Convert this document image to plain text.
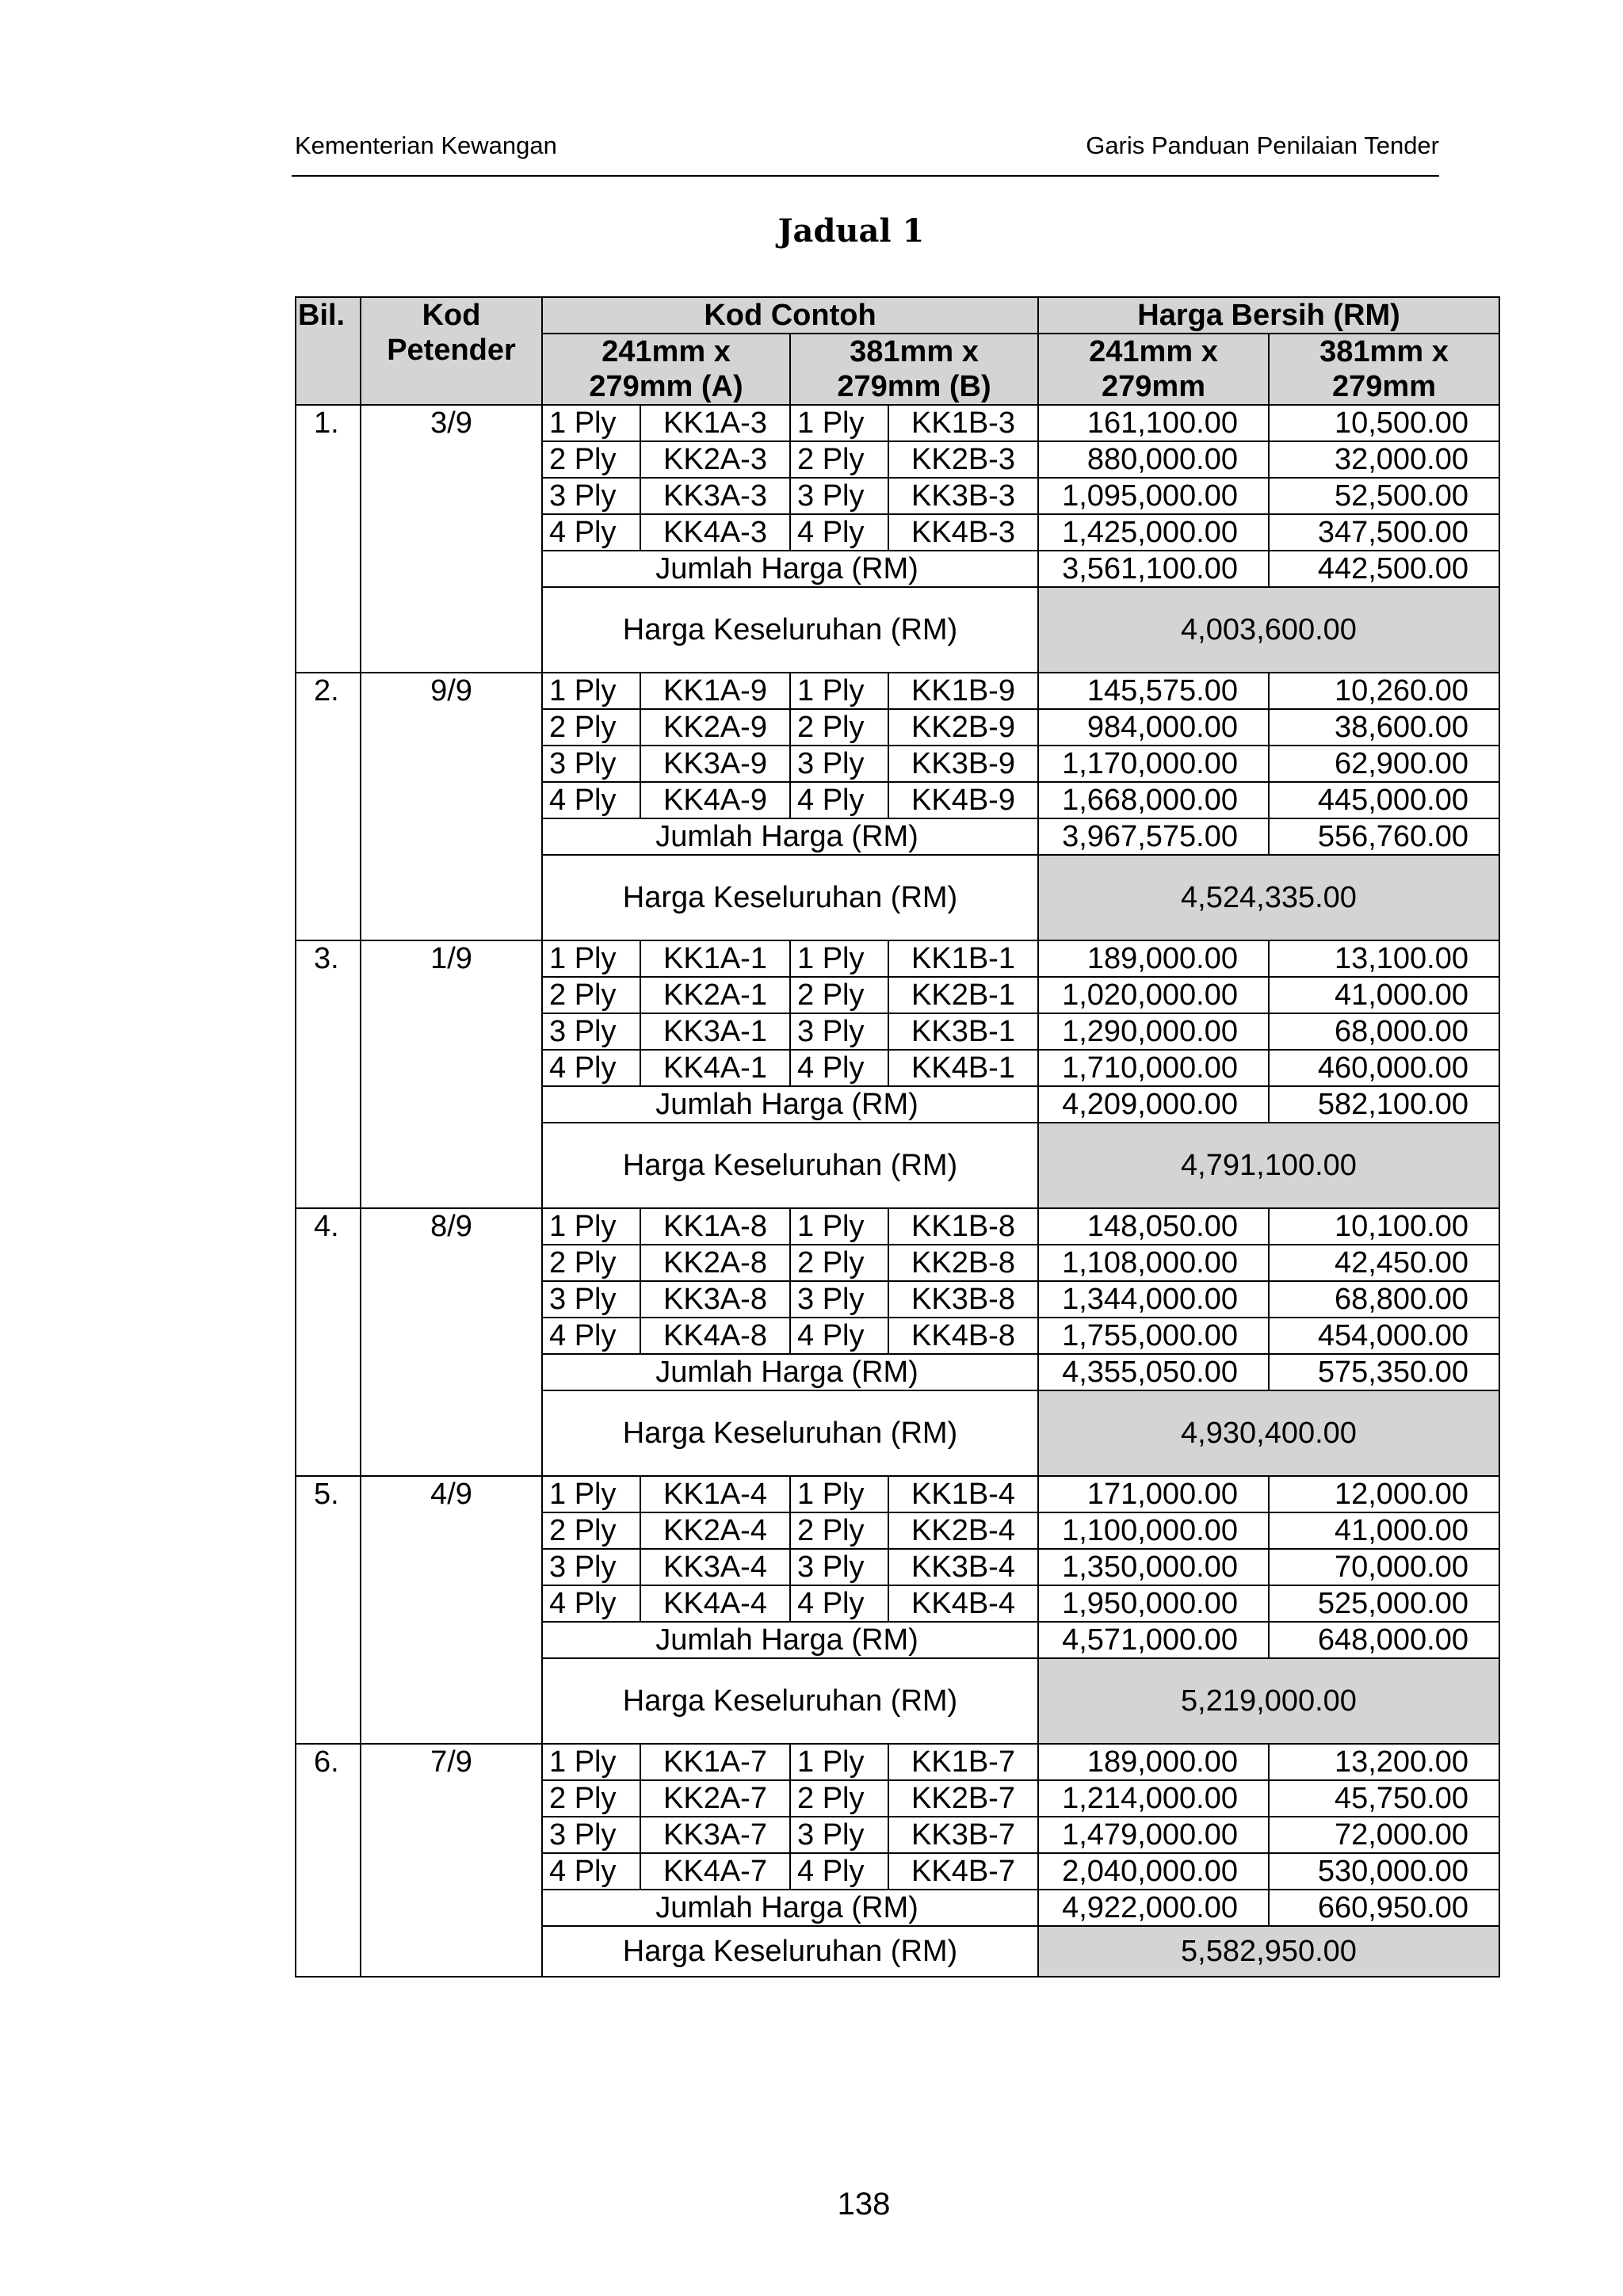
Kementerian Kewangan	Garis Panduan Penilaian Tender
Jadual 1
Bil.	Kod Petender	Kod Contoh				Harga Bersih (RM)	
		241mm x 279mm (A)		381mm x 279mm (B)		241mm x 279mm	381mm x 279mm
1.	3/9	1 Ply	KK1A-3	1 Ply	KK1B-3	161,100.00	10,500.00
		2 Ply	KK2A-3	2 Ply	KK2B-3	880,000.00	32,000.00
		3 Ply	KK3A-3	3 Ply	KK3B-3	1,095,000.00	52,500.00
		4 Ply	KK4A-3	4 Ply	KK4B-3	1,425,000.00	347,500.00
		Jumlah Harga (RM)				3,561,100.00	442,500.00
		Harga Keseluruhan (RM)				4,003,600.00	
2.	9/9	1 Ply	KK1A-9	1 Ply	KK1B-9	145,575.00	10,260.00
		2 Ply	KK2A-9	2 Ply	KK2B-9	984,000.00	38,600.00
		3 Ply	KK3A-9	3 Ply	KK3B-9	1,170,000.00	62,900.00
		4 Ply	KK4A-9	4 Ply	KK4B-9	1,668,000.00	445,000.00
		Jumlah Harga (RM)				3,967,575.00	556,760.00
		Harga Keseluruhan (RM)				4,524,335.00	
3.	1/9	1 Ply	KK1A-1	1 Ply	KK1B-1	189,000.00	13,100.00
		2 Ply	KK2A-1	2 Ply	KK2B-1	1,020,000.00	41,000.00
		3 Ply	KK3A-1	3 Ply	KK3B-1	1,290,000.00	68,000.00
		4 Ply	KK4A-1	4 Ply	KK4B-1	1,710,000.00	460,000.00
		Jumlah Harga (RM)				4,209,000.00	582,100.00
		Harga Keseluruhan (RM)				4,791,100.00	
4.	8/9	1 Ply	KK1A-8	1 Ply	KK1B-8	148,050.00	10,100.00
		2 Ply	KK2A-8	2 Ply	KK2B-8	1,108,000.00	42,450.00
		3 Ply	KK3A-8	3 Ply	KK3B-8	1,344,000.00	68,800.00
		4 Ply	KK4A-8	4 Ply	KK4B-8	1,755,000.00	454,000.00
		Jumlah Harga (RM)				4,355,050.00	575,350.00
		Harga Keseluruhan (RM)				4,930,400.00	
5.	4/9	1 Ply	KK1A-4	1 Ply	KK1B-4	171,000.00	12,000.00
		2 Ply	KK2A-4	2 Ply	KK2B-4	1,100,000.00	41,000.00
		3 Ply	KK3A-4	3 Ply	KK3B-4	1,350,000.00	70,000.00
		4 Ply	KK4A-4	4 Ply	KK4B-4	1,950,000.00	525,000.00
		Jumlah Harga (RM)				4,571,000.00	648,000.00
		Harga Keseluruhan (RM)				5,219,000.00	
6.	7/9	1 Ply	KK1A-7	1 Ply	KK1B-7	189,000.00	13,200.00
		2 Ply	KK2A-7	2 Ply	KK2B-7	1,214,000.00	45,750.00
		3 Ply	KK3A-7	3 Ply	KK3B-7	1,479,000.00	72,000.00
		4 Ply	KK4A-7	4 Ply	KK4B-7	2,040,000.00	530,000.00
		Jumlah Harga (RM)				4,922,000.00	660,950.00
		Harga Keseluruhan (RM)				5,582,950.00	
138
